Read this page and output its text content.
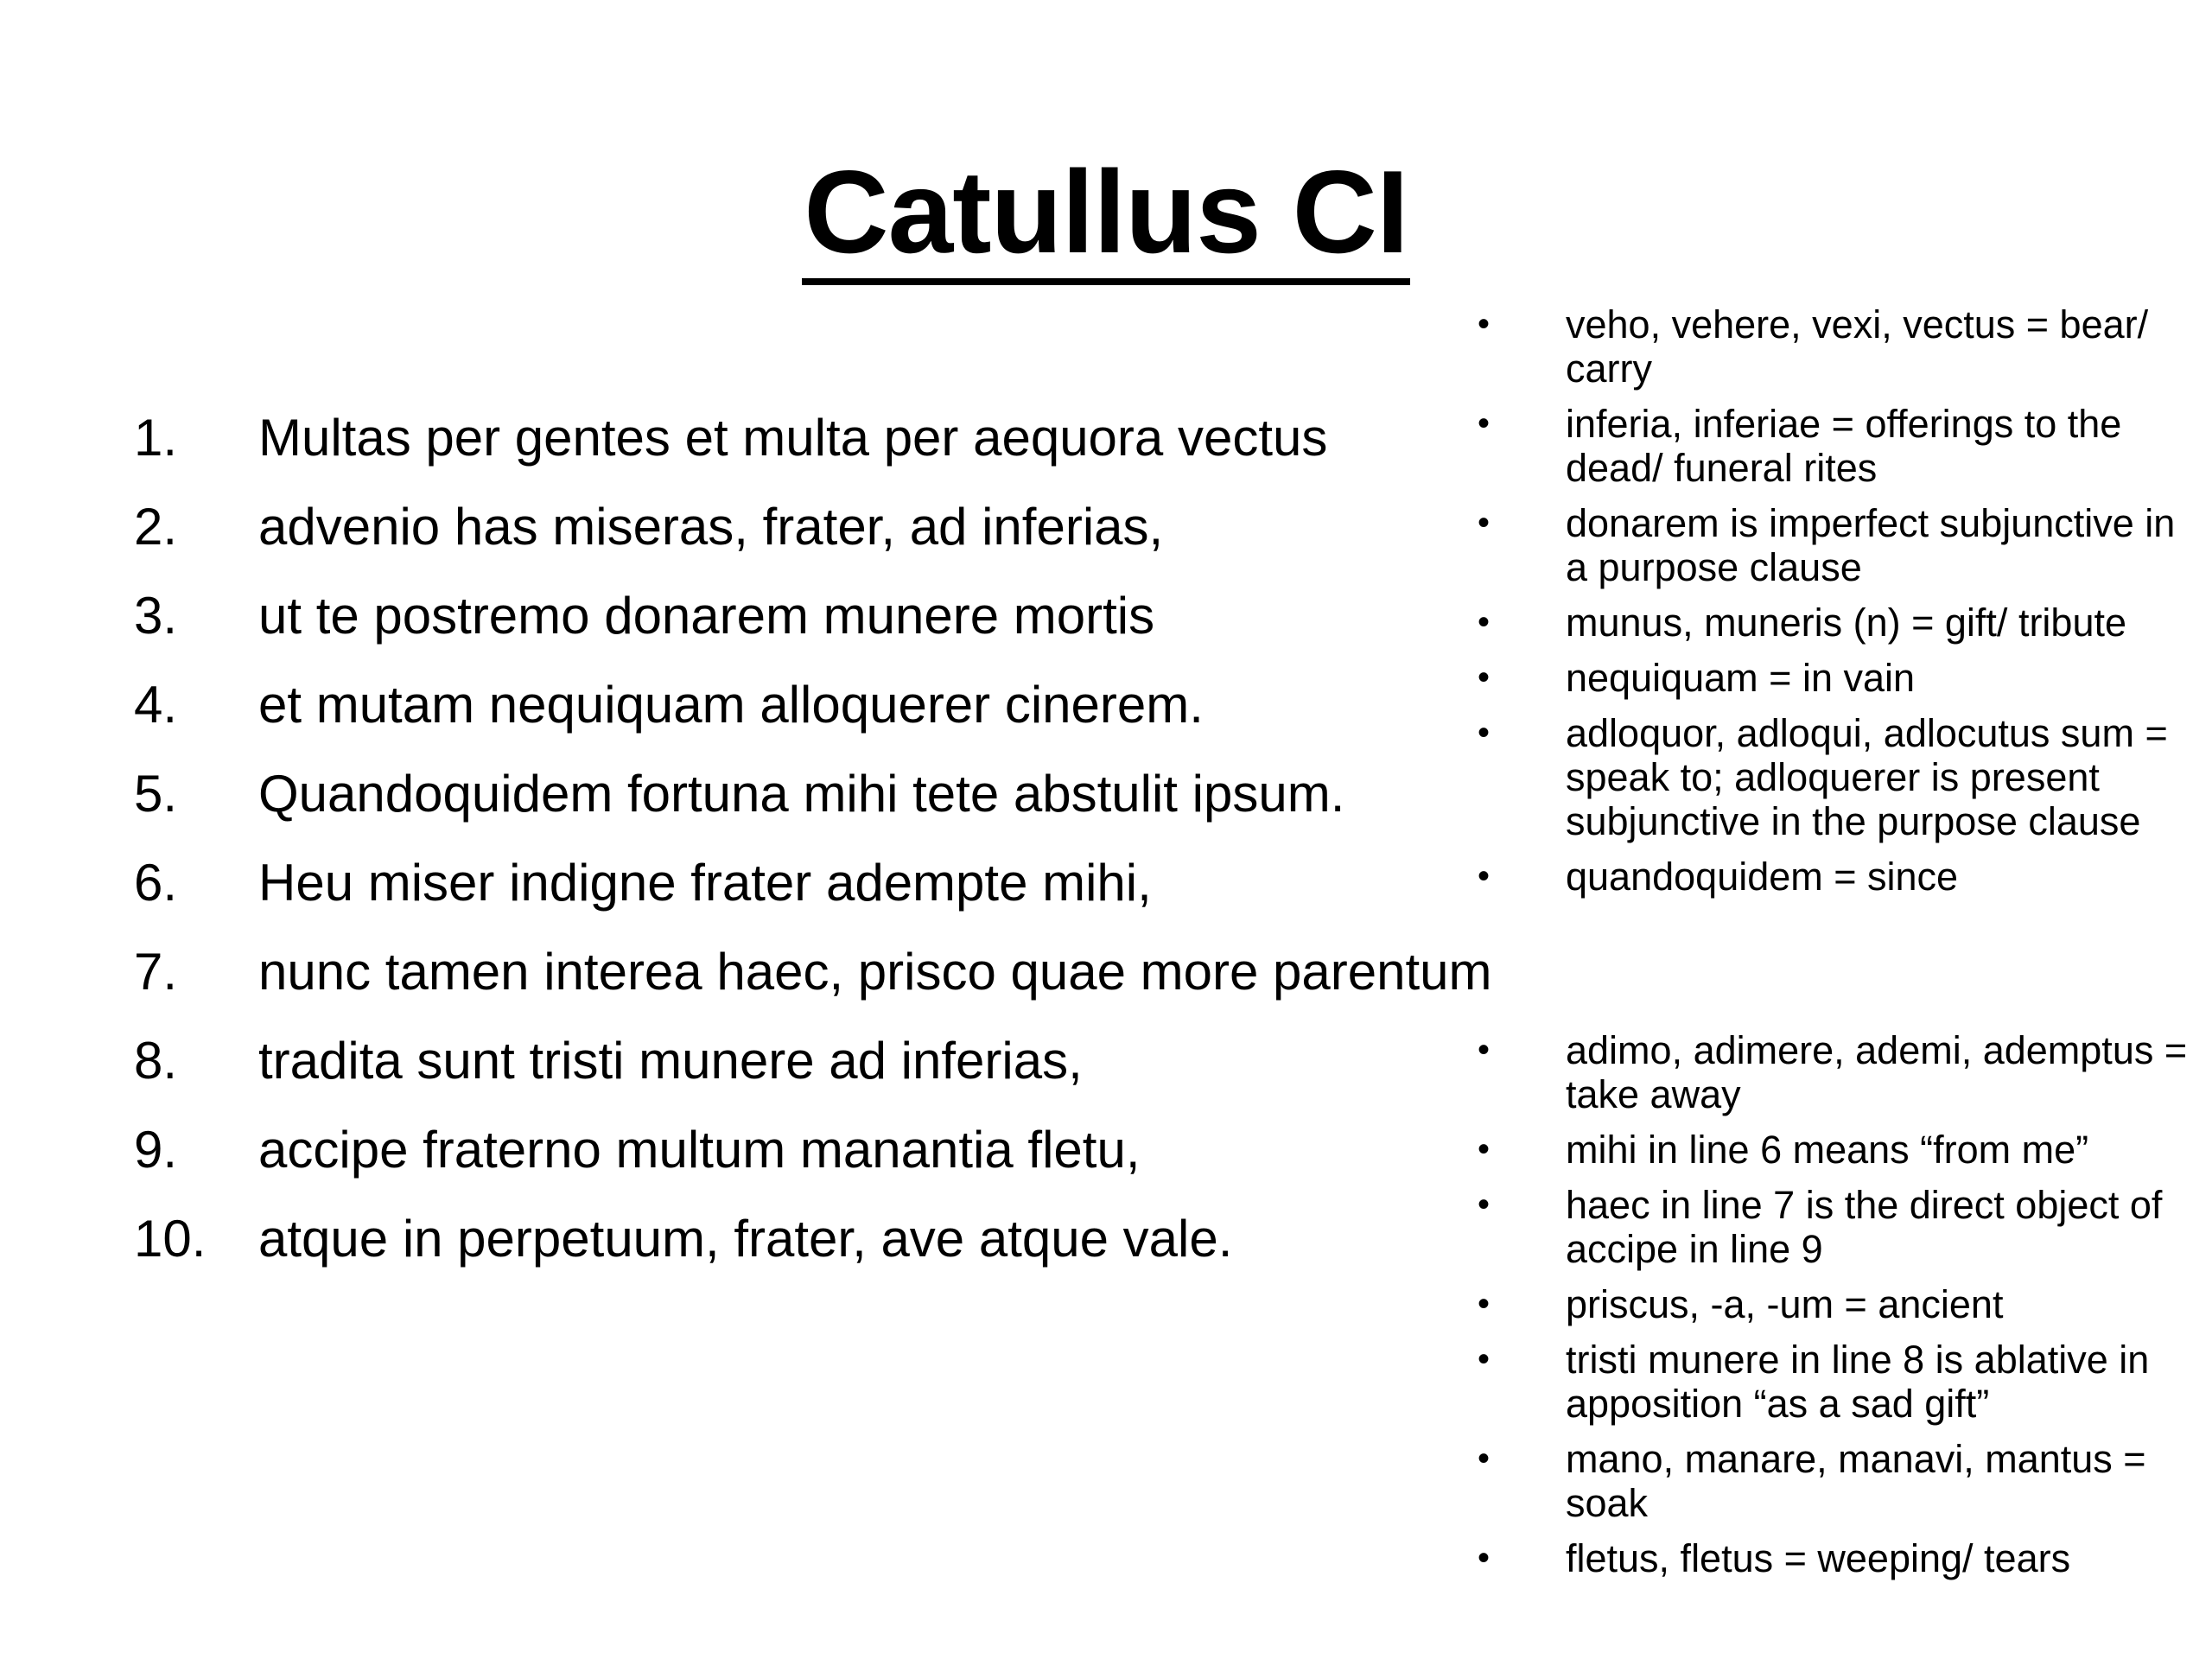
Catullus CI
1.	Multas per gentes et multa per aequora vectus
2.	advenio has miseras, frater, ad inferias,
3.	ut te postremo donarem munere mortis
4.	et mutam nequiquam alloquerer cinerem.
5.	Quandoquidem fortuna mihi tete abstulit ipsum.
6.	Heu miser indigne frater adempte mihi,
7.	nunc tamen interea haec, prisco quae more parentum
8.	tradita sunt tristi munere ad inferias,
9.	accipe fraterno multum manantia fletu,
10.	atque in perpetuum, frater, ave atque vale.
• veho, vehere, vexi, vectus = bear/ carry
• inferia, inferiae = offerings to the dead/ funeral rites
• donarem is imperfect subjunctive in a purpose clause
• munus, muneris (n) = gift/ tribute
• nequiquam = in vain
• adloquor, adloqui, adlocutus sum = speak to; adloquerer is present subjunctive in the purpose clause
• quandoquidem = since
• adimo, adimere, ademi, ademptus = take away
• mihi in line 6 means “from me”
• haec in line 7 is the direct object of accipe in line 9
• priscus, -a, -um = ancient
• tristi munere in line 8 is ablative in apposition “as a sad gift”
• mano, manare, manavi, mantus = soak
• fletus, fletus = weeping/ tears
